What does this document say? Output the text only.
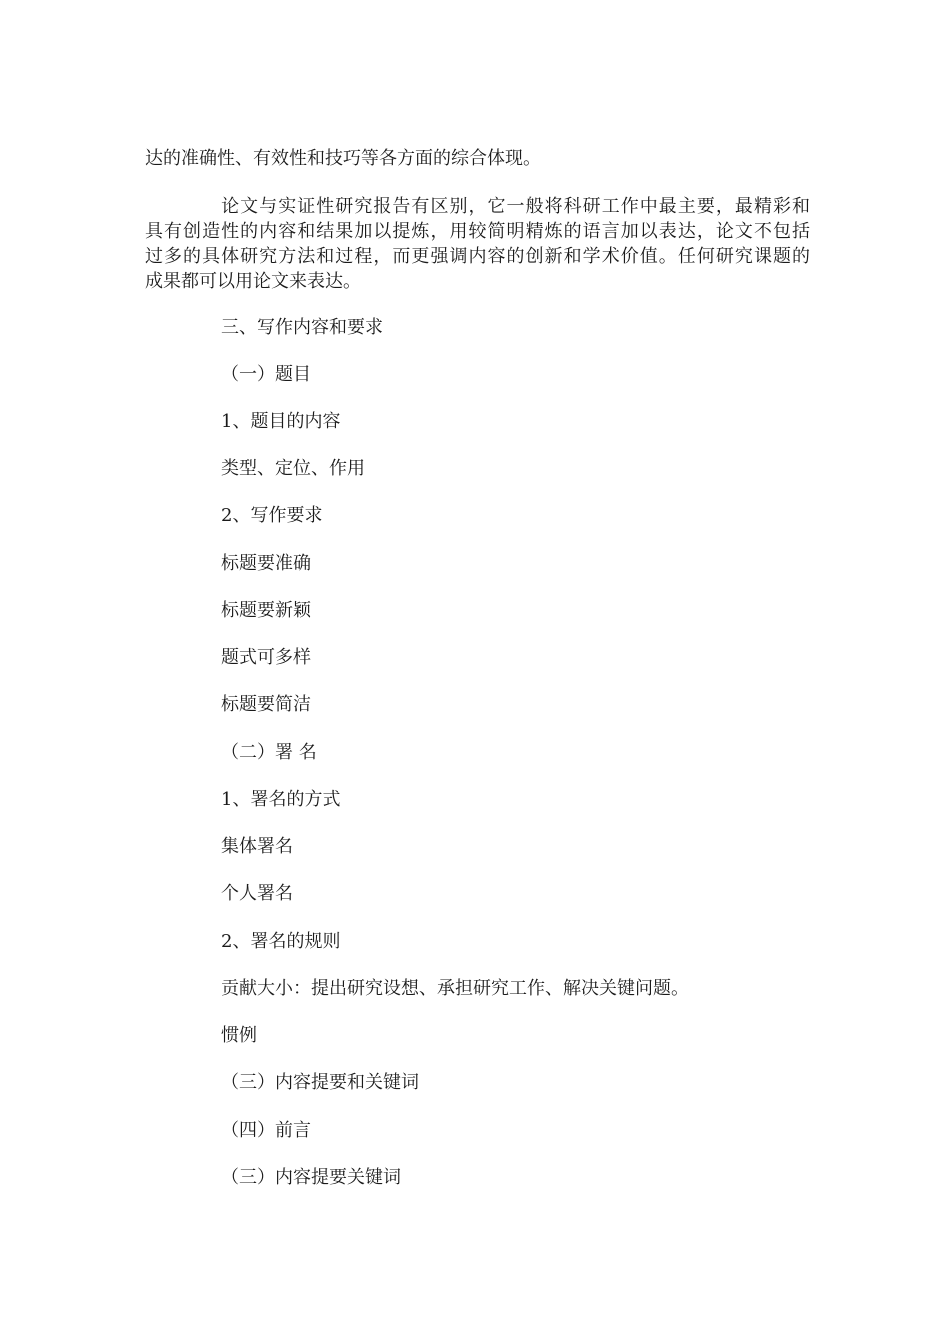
达的准确性、有效性和技巧等各方面的综合体现。
　　　　论文与实证性研究报告有区别，它一般将科研工作中最主要，最精彩和
具有创造性的内容和结果加以提炼，用较简明精炼的语言加以表达，论文不包括
过多的具体研究方法和过程，而更强调内容的创新和学术价值。任何研究课题的
成果都可以用论文来表达。

三、写作内容和要求

（一）题目

1、题目的内容

类型、定位、作用

2、写作要求

标题要准确

标题要新颖

题式可多样

标题要简洁

（二）署 名

1、署名的方式

集体署名

个人署名

2、署名的规则

贡献大小：提出研究设想、承担研究工作、解决关键问题。

惯例

（三）内容提要和关键词

（四）前言

（三）内容提要关键词
